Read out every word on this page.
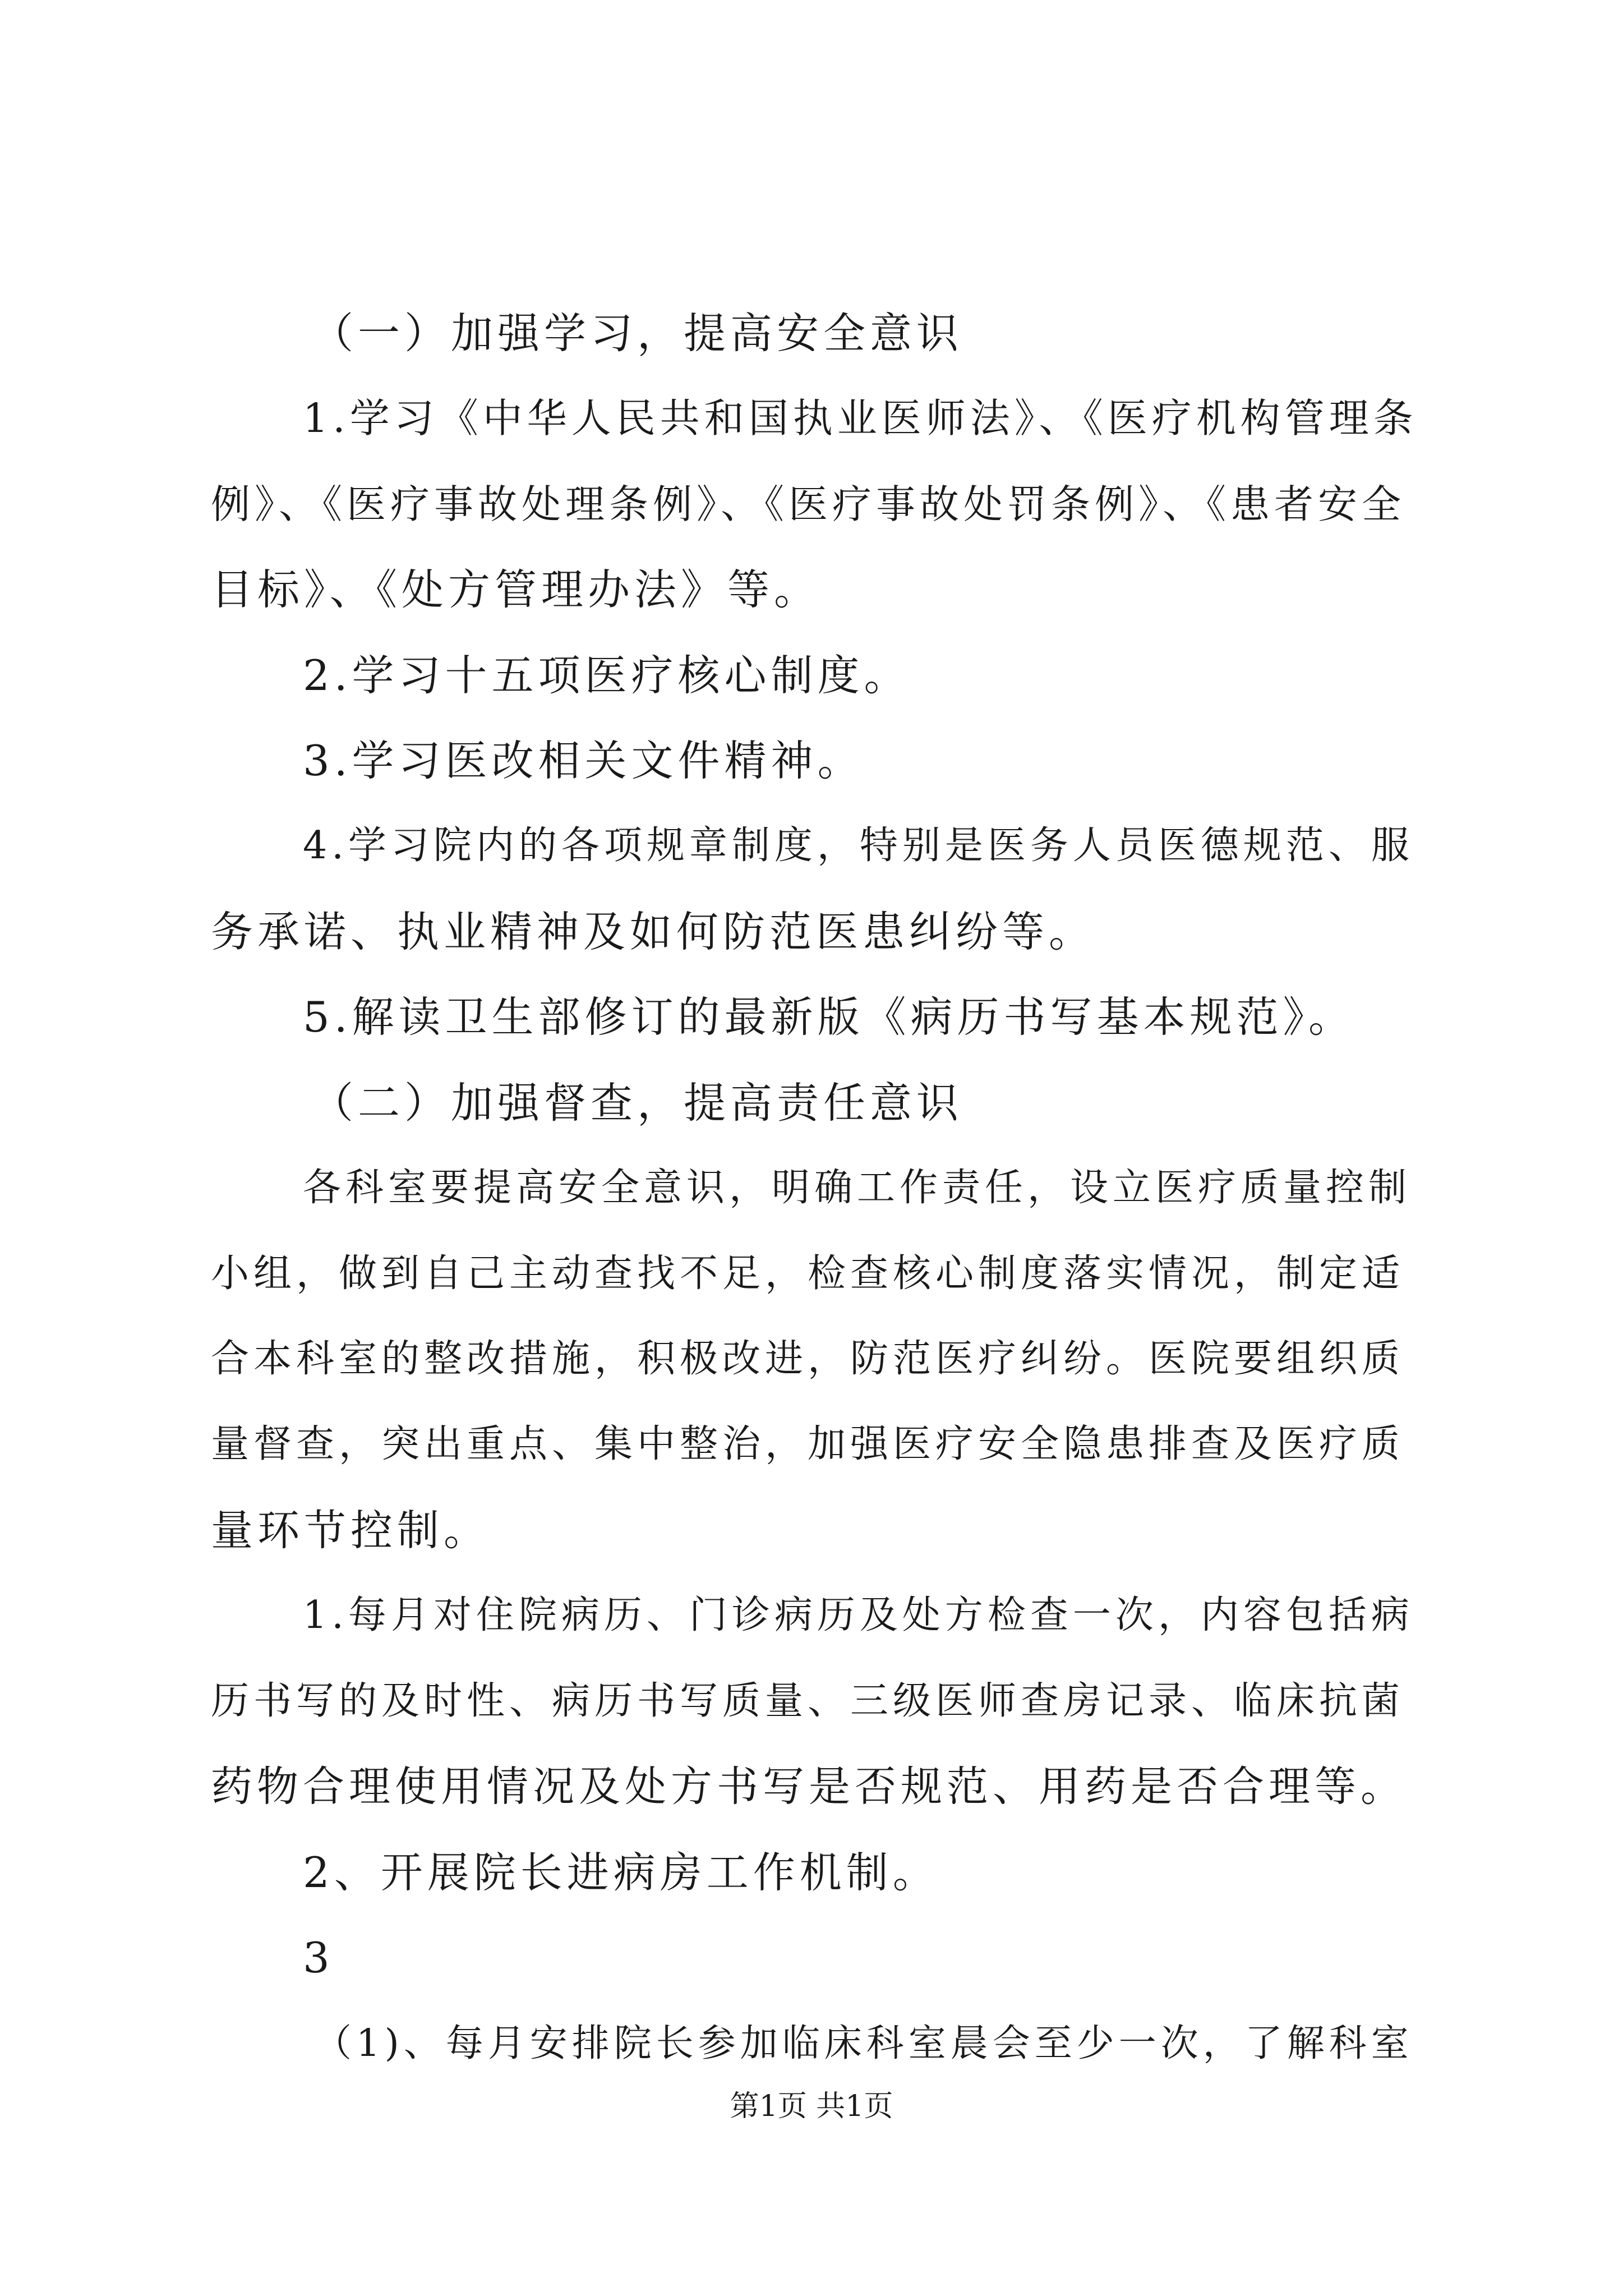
（一）加强学习，提高安全意识
1.学习《中华人民共和国执业医师法》、《医疗机构管理条
例》、《医疗事故处理条例》、《医疗事故处罚条例》、《患者安全
目标》、《处方管理办法》等。
2.学习十五项医疗核心制度。
3.学习医改相关文件精神。
4.学习院内的各项规章制度，特别是医务人员医德规范、服
务承诺、执业精神及如何防范医患纠纷等。
5.解读卫生部修订的最新版《病历书写基本规范》。
（二）加强督查，提高责任意识
各科室要提高安全意识，明确工作责任，设立医疗质量控制
小组，做到自己主动查找不足，检查核心制度落实情况，制定适
合本科室的整改措施，积极改进，防范医疗纠纷。医院要组织质
量督查，突出重点、集中整治，加强医疗安全隐患排查及医疗质
量环节控制。
1.每月对住院病历、门诊病历及处方检查一次，内容包括病
历书写的及时性、病历书写质量、三级医师查房记录、临床抗菌
药物合理使用情况及处方书写是否规范、用药是否合理等。
2、开展院长进病房工作机制。
3
（1)、每月安排院长参加临床科室晨会至少一次，了解科室
第1页 共1页
